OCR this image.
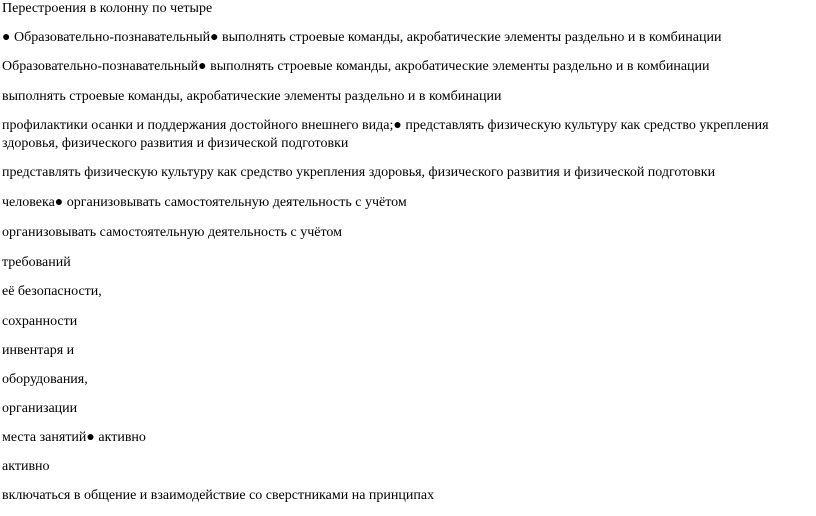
Перестроения в колонну по четыре
● Образовательно-познавательный● выполнять строевые команды, акробатические элементы раздельно и в комбинации
Образовательно-познавательный● выполнять строевые команды, акробатические элементы раздельно и в комбинации
выполнять строевые команды, акробатические элементы раздельно и в комбинации
профилактики осанки и поддержания достойного внешнего вида;● представлять физическую культуру как средство укрепления здоровья, физического развития и физической подготовки
представлять физическую культуру как средство укрепления здоровья, физического развития и физической подготовки
человека● организовывать самостоятельную деятельность с учётом
организовывать самостоятельную деятельность с учётом
требований
её безопасности,
сохранности
инвентаря и
оборудования,
организации
места занятий● активно
активно
включаться в общение и взаимодействие со сверстниками на принципах
